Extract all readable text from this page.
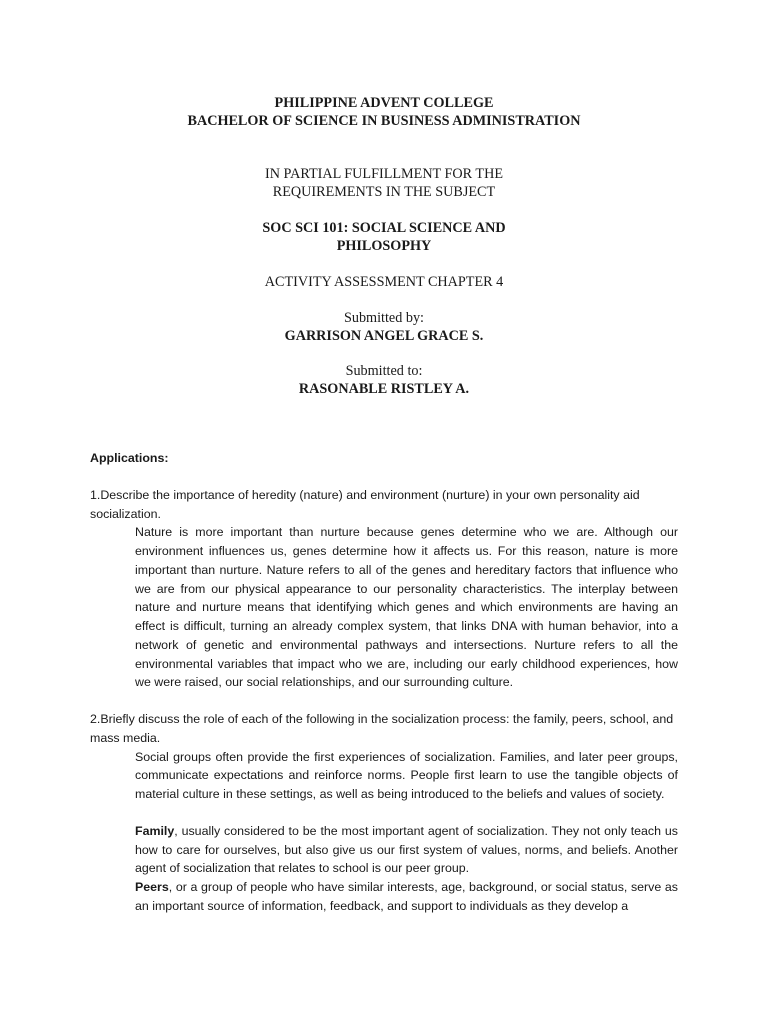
PHILIPPINE ADVENT COLLEGE

BACHELOR OF SCIENCE IN BUSINESS ADMINISTRATION

IN PARTIAL FULFILLMENT FOR THE

REQUIREMENTS IN THE SUBJECT

SOC SCI 101: SOCIAL SCIENCE AND

PHILOSOPHY

ACTIVITY ASSESSMENT CHAPTER 4

Submitted by:

GARRISON ANGEL GRACE S.

Submitted to:

RASONABLE RISTLEY A.

Applications:

1.Describe the importance of heredity (nature) and environment (nurture) in your own personality aid socialization.

Nature is more important than nurture because genes determine who we are. Although our environment influences us, genes determine how it affects us. For this reason, nature is more important than nurture. Nature refers to all of the genes and hereditary factors that influence who we are from our physical appearance to our personality characteristics. The interplay between nature and nurture means that identifying which genes and which environments are having an effect is difficult, turning an already complex system, that links DNA with human behavior, into a network of genetic and environmental pathways and intersections. Nurture refers to all the environmental variables that impact who we are, including our early childhood experiences, how we were raised, our social relationships, and our surrounding culture.

2.Briefly discuss the role of each of the following in the socialization process: the family, peers, school, and mass media.

Social groups often provide the first experiences of socialization. Families, and later peer groups, communicate expectations and reinforce norms. People first learn to use the tangible objects of material culture in these settings, as well as being introduced to the beliefs and values of society.

Family, usually considered to be the most important agent of socialization. They not only teach us how to care for ourselves, but also give us our first system of values, norms, and beliefs. Another agent of socialization that relates to school is our peer group.

Peers, or a group of people who have similar interests, age, background, or social status, serve as an important source of information, feedback, and support to individuals as they develop a
